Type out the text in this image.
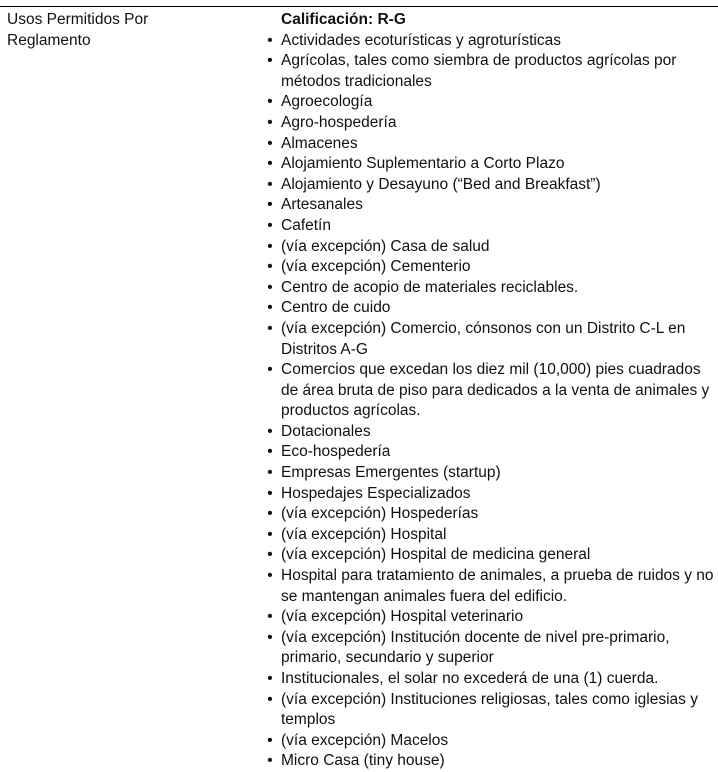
Usos Permitidos Por
Reglamento
Calificación: R-G
• Actividades ecoturísticas y agroturísticas
• Agrícolas, tales como siembra de productos agrícolas por métodos tradicionales
• Agroecología
• Agro-hospedería
• Almacenes
• Alojamiento Suplementario a Corto Plazo
• Alojamiento y Desayuno (“Bed and Breakfast”)
• Artesanales
• Cafetín
• (vía excepción) Casa de salud
• (vía excepción) Cementerio
• Centro de acopio de materiales reciclables.
• Centro de cuido
• (vía excepción) Comercio, cónsonos con un Distrito C-L en Distritos A-G
• Comercios que excedan los diez mil (10,000) pies cuadrados de área bruta de piso para dedicados a la venta de animales y productos agrícolas.
• Dotacionales
• Eco-hospedería
• Empresas Emergentes (startup)
• Hospedajes Especializados
• (vía excepción) Hospederías
• (vía excepción) Hospital
• (vía excepción) Hospital de medicina general
• Hospital para tratamiento de animales, a prueba de ruidos y no se mantengan animales fuera del edificio.
• (vía excepción) Hospital veterinario
• (vía excepción) Institución docente de nivel pre-primario, primario, secundario y superior
• Institucionales, el solar no excederá de una (1) cuerda.
• (vía excepción) Instituciones religiosas, tales como iglesias y templos
• (vía excepción) Macelos
• Micro Casa (tiny house)
